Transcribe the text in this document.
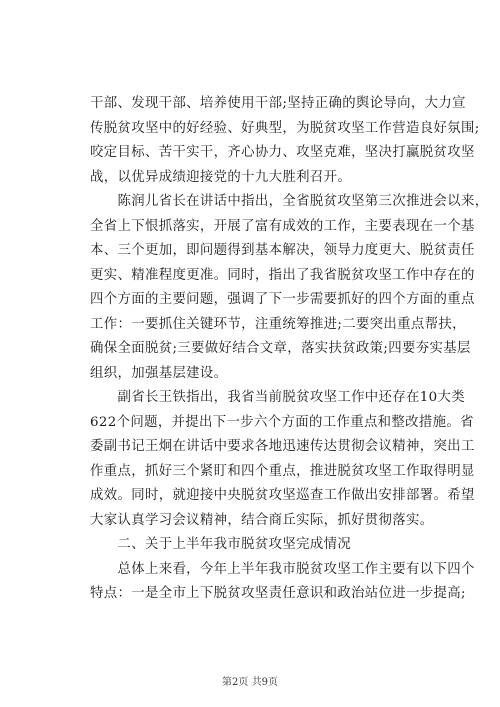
干部、发现干部、培养使用干部;坚持正确的舆论导向，大力宣
传脱贫攻坚中的好经验、好典型，为脱贫攻坚工作营造良好氛围;
咬定目标、苦干实干，齐心协力、攻坚克难，坚决打赢脱贫攻坚
战，以优异成绩迎接党的十九大胜利召开。
　　陈润儿省长在讲话中指出，全省脱贫攻坚第三次推进会以来，
全省上下恨抓落实，开展了富有成效的工作，主要表现在一个基
本、三个更加，即问题得到基本解决，领导力度更大、脱贫责任
更实、精准程度更准。同时，指出了我省脱贫攻坚工作中存在的
四个方面的主要问题，强调了下一步需要抓好的四个方面的重点
工作：一要抓住关键环节，注重统筹推进;二要突出重点帮扶，
确保全面脱贫;三要做好结合文章，落实扶贫政策;四要夯实基层
组织，加强基层建设。
　　副省长王铁指出，我省当前脱贫攻坚工作中还存在10大类
622个问题，并提出下一步六个方面的工作重点和整改措施。省
委副书记王炯在讲话中要求各地迅速传达贯彻会议精神，突出工
作重点，抓好三个紧盯和四个重点，推进脱贫攻坚工作取得明显
成效。同时，就迎接中央脱贫攻坚巡查工作做出安排部署。希望
大家认真学习会议精神，结合商丘实际，抓好贯彻落实。
　　二、关于上半年我市脱贫攻坚完成情况
　　总体上来看，今年上半年我市脱贫攻坚工作主要有以下四个
特点：一是全市上下脱贫攻坚责任意识和政治站位进一步提高;
第2页 共9页
